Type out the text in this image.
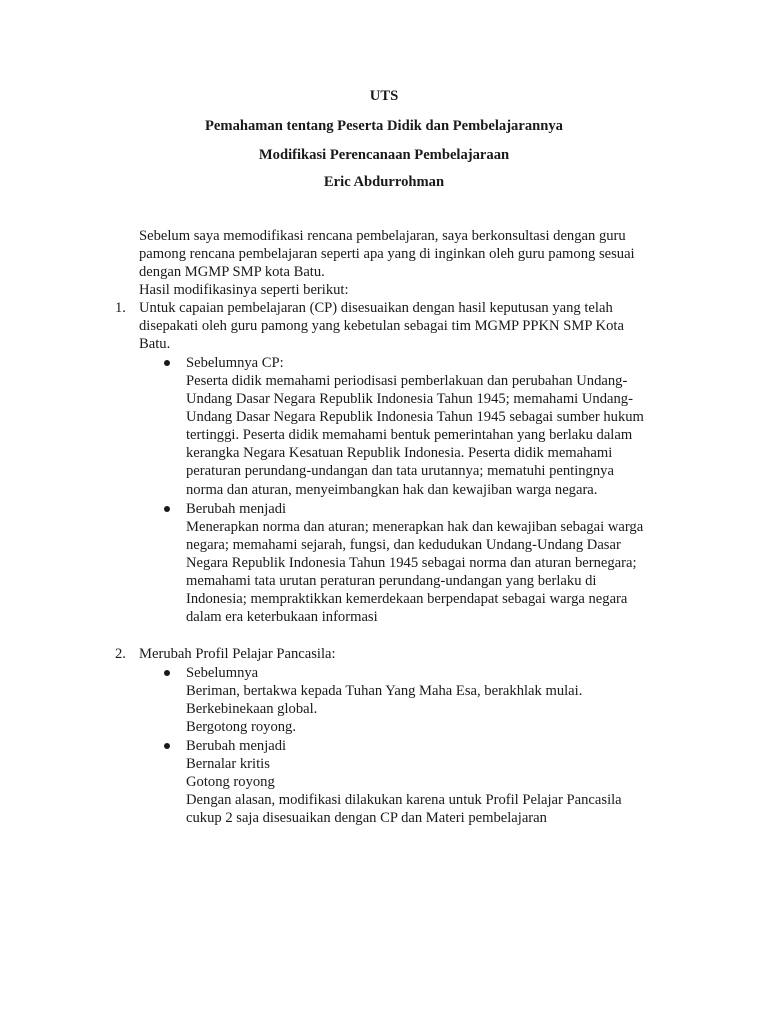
UTS
Pemahaman tentang Peserta Didik dan Pembelajarannya
Modifikasi Perencanaan Pembelajaraan
Eric Abdurrohman
Sebelum saya memodifikasi rencana pembelajaran, saya berkonsultasi dengan guru
pamong rencana pembelajaran seperti apa yang di inginkan oleh guru pamong sesuai
dengan MGMP SMP kota Batu.
Hasil modifikasinya seperti berikut:
1. Untuk capaian pembelajaran (CP) disesuaikan dengan hasil keputusan yang telah
disepakati oleh guru pamong yang kebetulan sebagai tim MGMP PPKN SMP Kota
Batu.
Sebelumnya CP:
Peserta didik memahami periodisasi pemberlakuan dan perubahan Undang-
Undang Dasar Negara Republik Indonesia Tahun 1945; memahami Undang-
Undang Dasar Negara Republik Indonesia Tahun 1945 sebagai sumber hukum
tertinggi. Peserta didik memahami bentuk pemerintahan yang berlaku dalam
kerangka Negara Kesatuan Republik Indonesia. Peserta didik memahami
peraturan perundang-undangan dan tata urutannya; mematuhi pentingnya
norma dan aturan, menyeimbangkan hak dan kewajiban warga negara.
Berubah menjadi
Menerapkan norma dan aturan; menerapkan hak dan kewajiban sebagai warga
negara; memahami sejarah, fungsi, dan kedudukan Undang-Undang Dasar
Negara Republik Indonesia Tahun 1945 sebagai norma dan aturan bernegara;
memahami tata urutan peraturan perundang-undangan yang berlaku di
Indonesia; mempraktikkan kemerdekaan berpendapat sebagai warga negara
dalam era keterbukaan informasi
2. Merubah Profil Pelajar Pancasila:
Sebelumnya
Beriman, bertakwa kepada Tuhan Yang Maha Esa, berakhlak mulai.
Berkebinekaan global.
Bergotong royong.
Berubah menjadi
Bernalar kritis
Gotong royong
Dengan alasan, modifikasi dilakukan karena untuk Profil Pelajar Pancasila
cukup 2 saja disesuaikan dengan CP dan Materi pembelajaran
